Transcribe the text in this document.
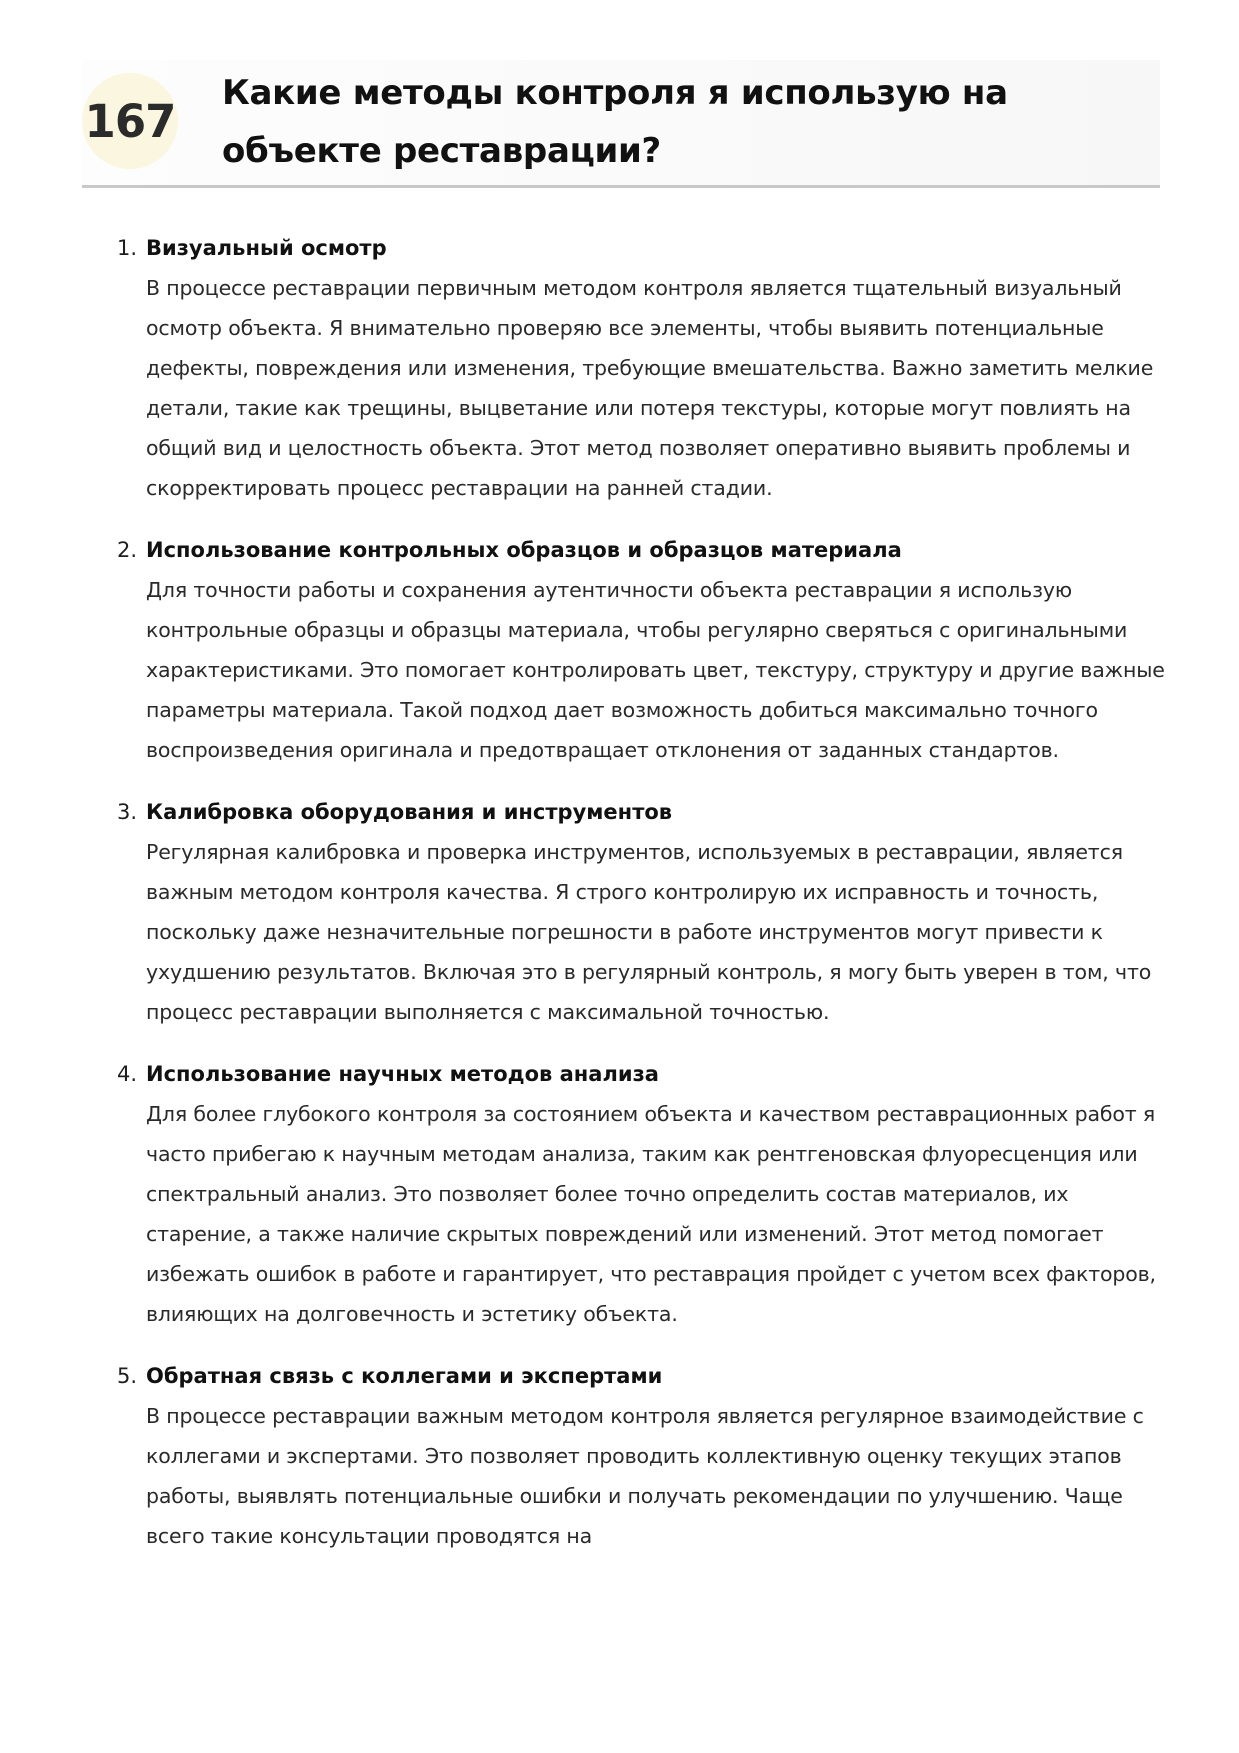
167
Какие методы контроля я использую на объекте реставрации?
1. Визуальный осмотр
В процессе реставрации первичным методом контроля является тщательный визуальный осмотр объекта. Я внимательно проверяю все элементы, чтобы выявить потенциальные дефекты, повреждения или изменения, требующие вмешательства. Важно заметить мелкие детали, такие как трещины, выцветание или потеря текстуры, которые могут повлиять на общий вид и целостность объекта. Этот метод позволяет оперативно выявить проблемы и скорректировать процесс реставрации на ранней стадии.
2. Использование контрольных образцов и образцов материала
Для точности работы и сохранения аутентичности объекта реставрации я использую контрольные образцы и образцы материала, чтобы регулярно сверяться с оригинальными характеристиками. Это помогает контролировать цвет, текстуру, структуру и другие важные параметры материала. Такой подход дает возможность добиться максимально точного воспроизведения оригинала и предотвращает отклонения от заданных стандартов.
3. Калибровка оборудования и инструментов
Регулярная калибровка и проверка инструментов, используемых в реставрации, является важным методом контроля качества. Я строго контролирую их исправность и точность, поскольку даже незначительные погрешности в работе инструментов могут привести к ухудшению результатов. Включая это в регулярный контроль, я могу быть уверен в том, что процесс реставрации выполняется с максимальной точностью.
4. Использование научных методов анализа
Для более глубокого контроля за состоянием объекта и качеством реставрационных работ я часто прибегаю к научным методам анализа, таким как рентгеновская флуоресценция или спектральный анализ. Это позволяет более точно определить состав материалов, их старение, а также наличие скрытых повреждений или изменений. Этот метод помогает избежать ошибок в работе и гарантирует, что реставрация пройдет с учетом всех факторов, влияющих на долговечность и эстетику объекта.
5. Обратная связь с коллегами и экспертами
В процессе реставрации важным методом контроля является регулярное взаимодействие с коллегами и экспертами. Это позволяет проводить коллективную оценку текущих этапов работы, выявлять потенциальные ошибки и получать рекомендации по улучшению. Чаще всего такие консультации проводятся на
